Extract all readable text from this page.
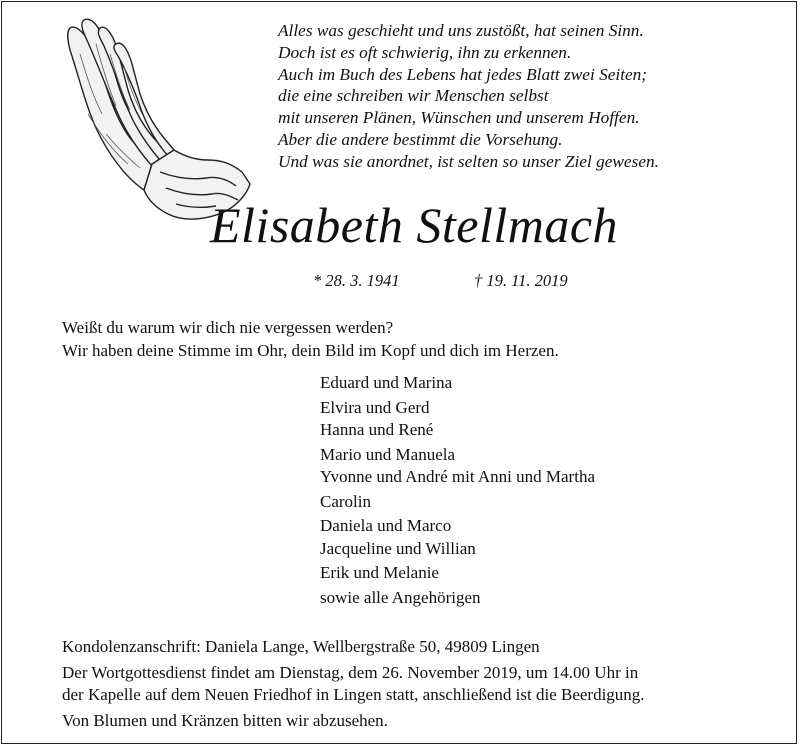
Alles was geschieht und uns zustößt, hat seinen Sinn.
Doch ist es oft schwierig, ihn zu erkennen.
Auch im Buch des Lebens hat jedes Blatt zwei Seiten;
die eine schreiben wir Menschen selbst
mit unseren Plänen, Wünschen und unserem Hoffen.
Aber die andere bestimmt die Vorsehung.
Und was sie anordnet, ist selten so unser Ziel gewesen.
Elisabeth Stellmach
* 28. 3. 1941	† 19. 11. 2019
Weißt du warum wir dich nie vergessen werden?
Wir haben deine Stimme im Ohr, dein Bild im Kopf und dich im Herzen.
Eduard und Marina
Elvira und Gerd
Hanna und René
Mario und Manuela
Yvonne und André mit Anni und Martha
Carolin
Daniela und Marco
Jacqueline und Willian
Erik und Melanie
sowie alle Angehörigen
Kondolenzanschrift: Daniela Lange, Wellbergstraße 50, 49809 Lingen
Der Wortgottesdienst findet am Dienstag, dem 26. November 2019, um 14.00 Uhr in
der Kapelle auf dem Neuen Friedhof in Lingen statt, anschließend ist die Beerdigung.
Von Blumen und Kränzen bitten wir abzusehen.
